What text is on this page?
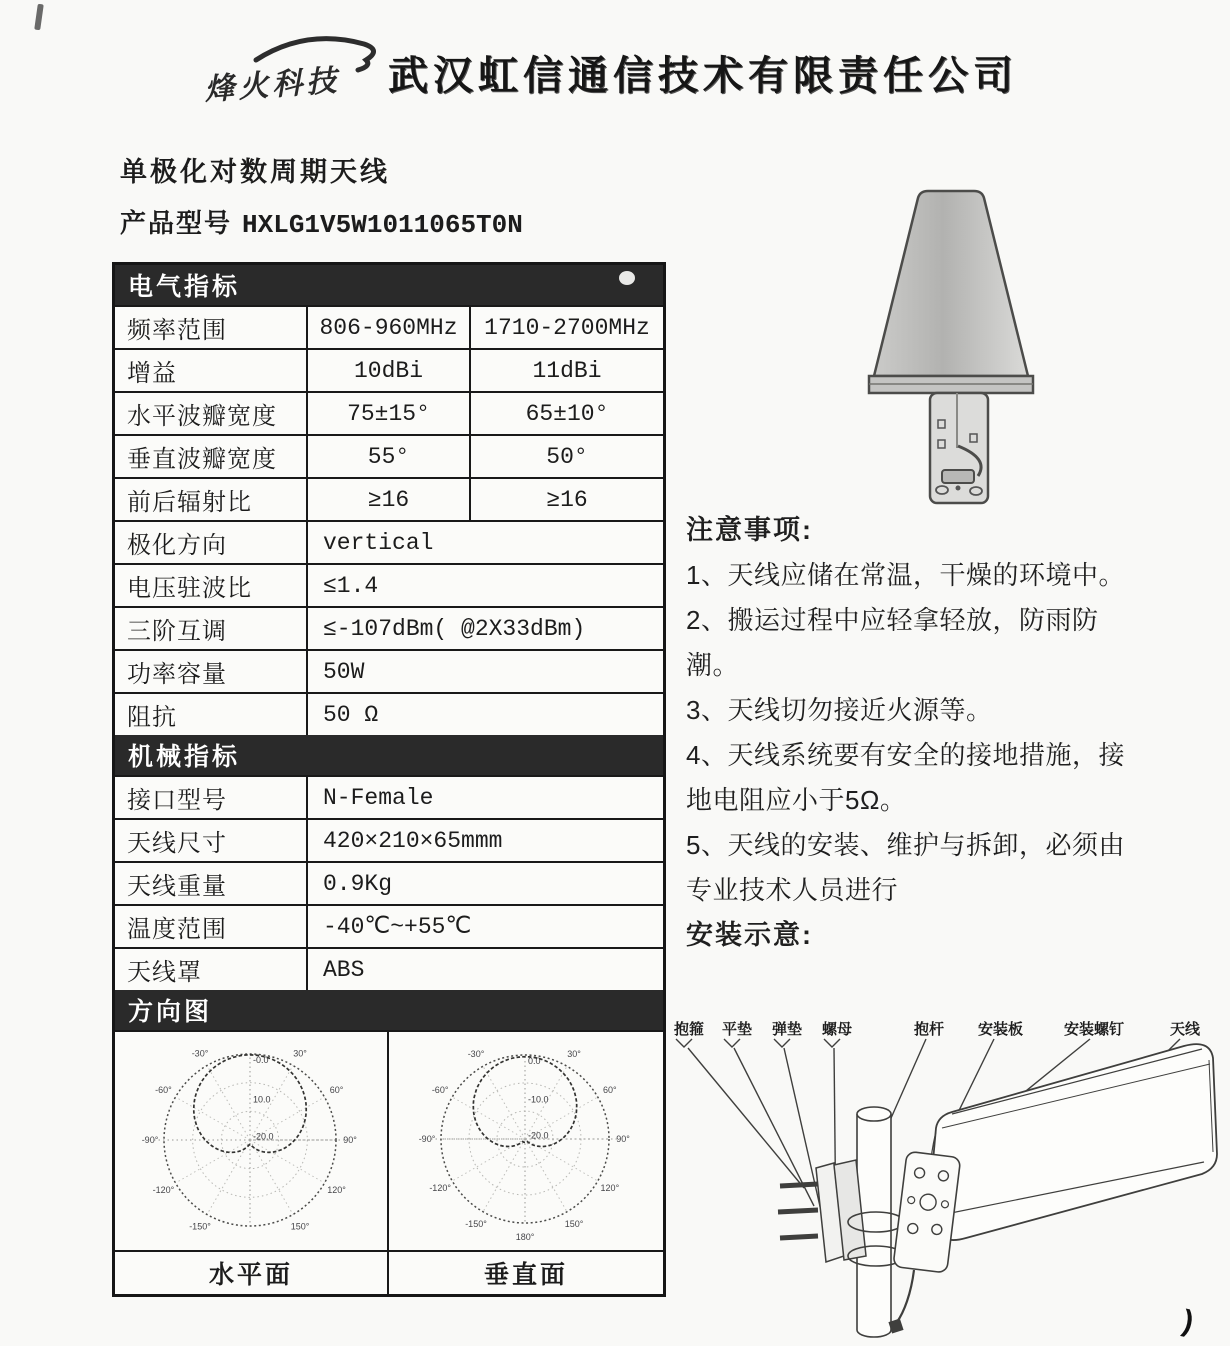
烽火科技 武汉虹信通信技术有限责任公司
单极化对数周期天线
产品型号 HXLG1V5W1011065T0N
电气指标
频率范围	806-960MHz	1710-2700MHz
增益	10dBi	11dBi
水平波瓣宽度	75±15°	65±10°
垂直波瓣宽度	55°	50°
前后辐射比	≥16	≥16
极化方向	vertical
电压驻波比	≤1.4
三阶互调	≤-107dBm( @2X33dBm)
功率容量	50W
阻抗	50 Ω
机械指标
接口型号	N-Female
天线尺寸	420×210×65mmm
天线重量	0.9Kg
温度范围	-40℃~+55℃
天线罩	ABS
方向图
-30°	30°
-60°	60°
-90°	90°
-120°	120°
-150°	150°
-0.0
10.0
-20.0
-30°	30°
-60°	60°
-90°	90°
-120°	120°
-150°	150°
180°
0.0
-10.0
-20.0
水平面	垂直面
注意事项:
1、天线应储在常温，干燥的环境中。
2、搬运过程中应轻拿轻放，防雨防潮。
3、天线切勿接近火源等。
4、天线系统要有安全的接地措施，接地电阻应小于5Ω。
5、天线的安装、维护与拆卸，必须由专业技术人员进行
安装示意:
抱箍 平垫 弹垫 螺母	抱杆 安装板	安装螺钉	天线
)
